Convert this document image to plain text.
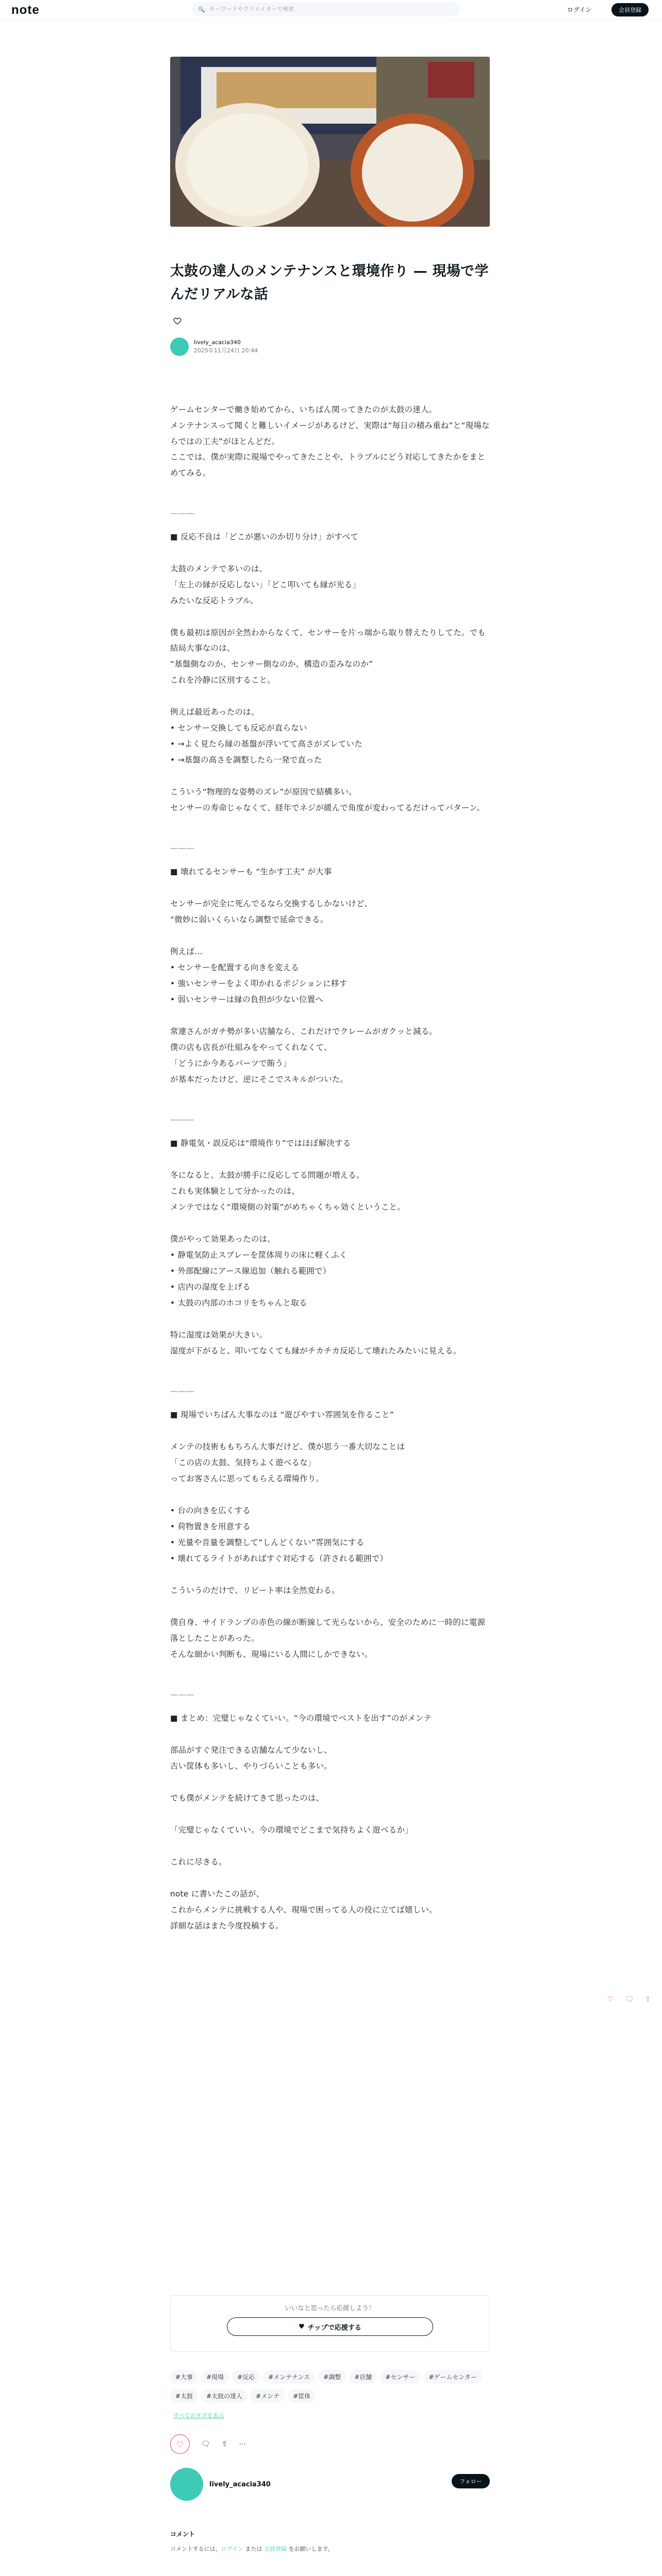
note	🔍
キーワードやクリエイターで検索	ログイン	会員登録
太鼓の達人のメンテナンスと環境作り — 現場で学んだリアルな話
lively_acacia340
2025年11月24日 20:44

ゲームセンターで働き始めてから、いちばん関ってきたのが太鼓の達人。

メンテナンスって聞くと難しいイメージがあるけど、実際は“毎日の積み重ね”と“現場ならではの工夫”がほとんどだ。

ここでは、僕が実際に現場でやってきたことや、トラブルにどう対応してきたかをまとめてみる。

———

■ 反応不良は「どこが悪いのか切り分け」がすべて

太鼓のメンテで多いのは、

「左上の縁が反応しない」「どこ叩いても縁が光る」

みたいな反応トラブル。

僕も最初は原因が全然わからなくて、センサーを片っ端から取り替えたりしてた。でも結局大事なのは、

“基盤側なのか、センサー側なのか、構造の歪みなのか”

これを冷静に区別すること。

例えば最近あったのは、

• センサー交換しても反応が直らない

• →よく見たら縁の基盤が浮いてて高さがズレていた

• →基盤の高さを調整したら一発で直った

こういう“物理的な姿勢のズレ”が原因で結構多い。

センサーの寿命じゃなくて、経年でネジが緩んで角度が変わってるだけってパターン。

———

■ 壊れてるセンサーも “生かす工夫” が大事

センサーが完全に死んでるなら交換するしかないけど、

“微妙に弱いくらいなら調整で延命できる。

例えば…

• センサーを配置する向きを変える

• 強いセンサーをよく叩かれるポジションに移す

• 弱いセンサーは縁の負担が少ない位置へ

常連さんがガチ勢が多い店舗なら、これだけでクレームがガクッと減る。

僕の店も店長が仕組みをやってくれなくて、

「どうにか今あるパーツで賄う」

が基本だったけど、逆にそこでスキルがついた。

———

■ 静電気・誤反応は“環境作り”ではほぼ解決する

冬になると、太鼓が勝手に反応してる問題が増える。

これも実体験として分かったのは、

メンテではなく“環境側の対策”がめちゃくちゃ効くということ。

僕がやって効果あったのは、

• 静電気防止スプレーを筐体周りの床に軽くふく

• 外部配線にアース線追加（触れる範囲で）

• 店内の湿度を上げる

• 太鼓の内部のホコリをちゃんと取る

特に湿度は効果が大きい。

湿度が下がると、叩いてなくても縁がチカチカ反応して壊れたみたいに見える。

———

■ 現場でいちばん大事なのは “遊びやすい雰囲気を作ること”

メンテの技術ももちろん大事だけど、僕が思う一番大切なことは

「この店の太鼓、気持ちよく遊べるな」

ってお客さんに思ってもらえる環境作り。

• 台の向きを広くする

• 荷物置きを用意する

• 光量や音量を調整して“しんどくない”雰囲気にする

• 壊れてるライトがあればすぐ対応する（許される範囲で）

こういうのだけで、リピート率は全然変わる。

僕自身、サイドランプの赤色の線が断線して光らないから、安全のために一時的に電源落としたことがあった。

そんな細かい判断も、現場にいる人間にしかできない。

———

■ まとめ：完璧じゃなくていい。“今の環境でベストを出す”のがメンテ

部品がすぐ発注できる店舗なんて少ないし、

古い筐体も多いし、やりづらいことも多い。

でも僕がメンテを続けてきて思ったのは、

「完璧じゃなくていい。今の環境でどこまで気持ちよく遊べるか」

これに尽きる。

note に書いたこの話が、

これからメンテに挑戦する人や、現場で困ってる人の役に立てば嬉しい。

詳細な話はまた今度投稿する。

♡ 🗨 ⇧
いいなと思ったら応援しよう！
♥ チップで応援する
#大事 #現場 #反応 #メンテナンス #調整 #店舗 #センサー #ゲームセンター#太鼓 #太鼓の達人 #メンテ #筐体
すべてのタグを表示
♡	🗨 ⇧ ⋯
lively_acacia340	フォロー
コメント
コメントするには、ログイン または 会員登録 をお願いします。
